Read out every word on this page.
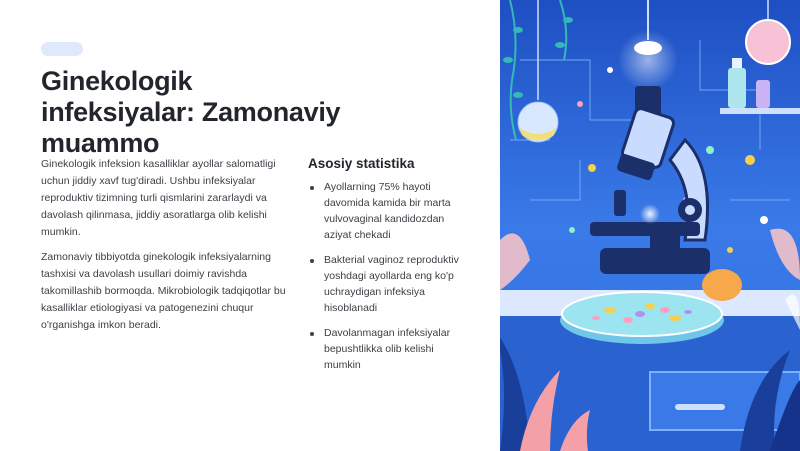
Ginekologik
infeksiyalar: Zamonaviy
muammo

Ginekologik infeksion kasalliklar ayollar salomatligi uchun jiddiy xavf tug'diradi. Ushbu infeksiyalar reproduktiv tizimning turli qismlarini zararlaydi va davolash qilinmasa, jiddiy asoratlarga olib kelishi mumkin.

Zamonaviy tibbiyotda ginekologik infeksiyalarning tashxisi va davolash usullari doimiy ravishda takomillashib bormoqda. Mikrobiologik tadqiqotlar bu kasalliklar etiologiyasi va patogenezini chuqur o'rganishga imkon beradi.

Asosiy statistika
Ayollarning 75% hayoti davomida kamida bir marta vulvovaginal kandidozdan aziyat chekadi
Bakterial vaginoz reproduktiv yoshdagi ayollarda eng ko'p uchraydigan infeksiya hisoblanadi
Davolanmagan infeksiyalar bepushtlikka olib kelishi mumkin
